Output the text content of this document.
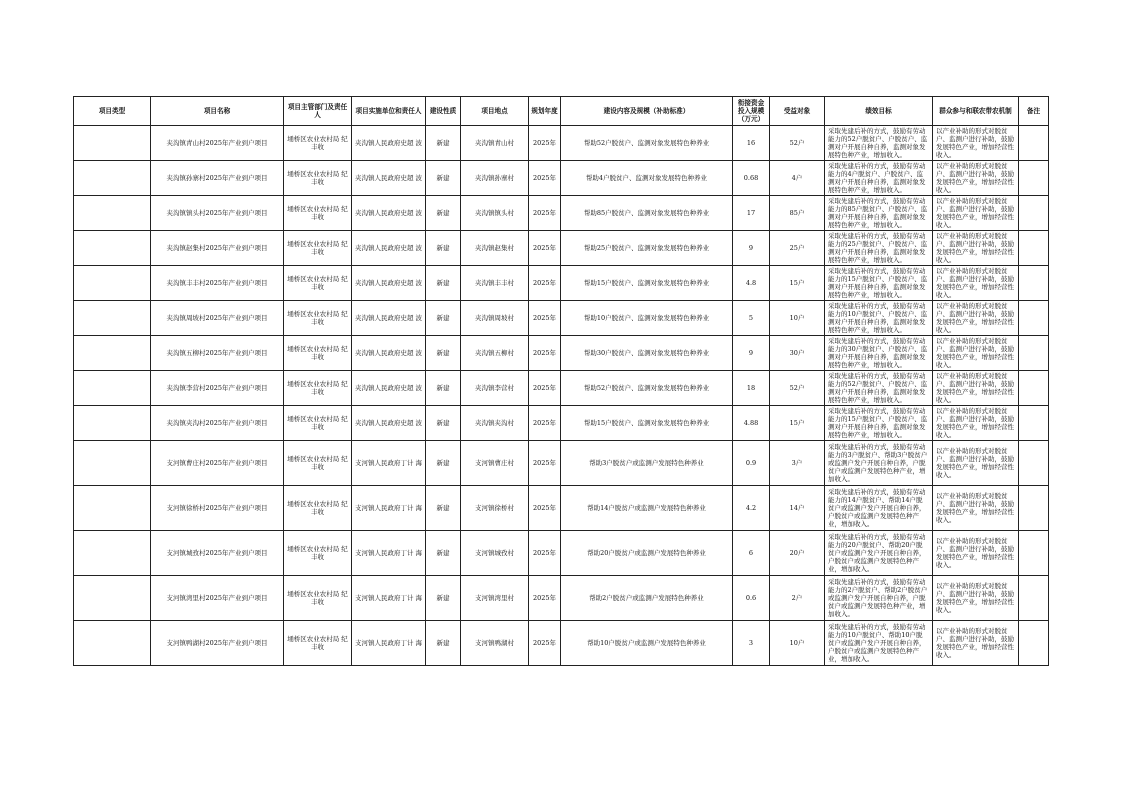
项目类型	项目名称	项目主管部门及责任人	项目实施单位和责任人	建设性质	项目地点	规划年度	建设内容及规模（补助标准）	衔接资金投入规模（万元）	受益对象	绩效目标	群众参与和联农带农机制	备注
	夹沟镇青山村2025年产业到户项目	埇桥区农业农村局 纪丰收	夹沟镇人民政府史超 波	新建	夹沟镇青山村	2025年	帮助52户脱贫户、监测对象发展特色种养业	16	52户	采取先建后补的方式，鼓励有劳动能力的52户脱贫户、户脱贫户、监测对户开展自种自养，监测对象发展特色种产业，增加收入。	以产业补助的形式对脱贫户、监测户进行补助，鼓励发展特色产业，增加经营性收入。	
	夹沟镇孙寨村2025年产业到户项目	埇桥区农业农村局 纪丰收	夹沟镇人民政府史超 波	新建	夹沟镇孙寨村	2025年	帮助4户脱贫户、监测对象发展特色种养业	0.68	4户	采取先建后补的方式，鼓励有劳动能力的4户脱贫户、户脱贫户、监测对户开展自种自养，监测对象发展特色种产业，增加收入。	以产业补助的形式对脱贫户、监测户进行补助，鼓励发展特色产业，增加经营性收入。	
	夹沟镇镇头村2025年产业到户项目	埇桥区农业农村局 纪丰收	夹沟镇人民政府史超 波	新建	夹沟镇镇头村	2025年	帮助85户脱贫户、监测对象发展特色种养业	17	85户	采取先建后补的方式，鼓励有劳动能力的85户脱贫户、户脱贫户、监测对户开展自种自养，监测对象发展特色种产业，增加收入。	以产业补助的形式对脱贫户、监测户进行补助，鼓励发展特色产业，增加经营性收入。	
	夹沟镇赵集村2025年产业到户项目	埇桥区农业农村局 纪丰收	夹沟镇人民政府史超 波	新建	夹沟镇赵集村	2025年	帮助25户脱贫户、监测对象发展特色种养业	9	25户	采取先建后补的方式，鼓励有劳动能力的25户脱贫户、户脱贫户、监测对户开展自种自养，监测对象发展特色种产业，增加收入。	以产业补助的形式对脱贫户、监测户进行补助，鼓励发展特色产业，增加经营性收入。	
	夹沟镇丰丰村2025年产业到户项目	埇桥区农业农村局 纪丰收	夹沟镇人民政府史超 波	新建	夹沟镇丰丰村	2025年	帮助15户脱贫户、监测对象发展特色种养业	4.8	15户	采取先建后补的方式，鼓励有劳动能力的15户脱贫户、户脱贫户、监测对户开展自种自养，监测对象发展特色种产业，增加收入。	以产业补助的形式对脱贫户、监测户进行补助，鼓励发展特色产业，增加经营性收入。	
	夹沟镇周坡村2025年产业到户项目	埇桥区农业农村局 纪丰收	夹沟镇人民政府史超 波	新建	夹沟镇周坡村	2025年	帮助10户脱贫户、监测对象发展特色种养业	5	10户	采取先建后补的方式，鼓励有劳动能力的10户脱贫户、户脱贫户、监测对户开展自种自养，监测对象发展特色种产业，增加收入。	以产业补助的形式对脱贫户、监测户进行补助，鼓励发展特色产业，增加经营性收入。	
	夹沟镇五柳村2025年产业到户项目	埇桥区农业农村局 纪丰收	夹沟镇人民政府史超 波	新建	夹沟镇五柳村	2025年	帮助30户脱贫户、监测对象发展特色种养业	9	30户	采取先建后补的方式，鼓励有劳动能力的30户脱贫户、户脱贫户、监测对户开展自种自养，监测对象发展特色种产业，增加收入。	以产业补助的形式对脱贫户、监测户进行补助，鼓励发展特色产业，增加经营性收入。	
	夹沟镇李营村2025年产业到户项目	埇桥区农业农村局 纪丰收	夹沟镇人民政府史超 波	新建	夹沟镇李营村	2025年	帮助52户脱贫户、监测对象发展特色种养业	18	52户	采取先建后补的方式，鼓励有劳动能力的52户脱贫户、户脱贫户、监测对户开展自种自养，监测对象发展特色种产业，增加收入。	以产业补助的形式对脱贫户、监测户进行补助，鼓励发展特色产业，增加经营性收入。	
	夹沟镇夹沟村2025年产业到户项目	埇桥区农业农村局 纪丰收	夹沟镇人民政府史超 波	新建	夹沟镇夹沟村	2025年	帮助15户脱贫户、监测对象发展特色种养业	4.88	15户	采取先建后补的方式，鼓励有劳动能力的15户脱贫户、户脱贫户、监测对户开展自种自养，监测对象发展特色种产业，增加收入。	以产业补助的形式对脱贫户、监测户进行补助，鼓励发展特色产业，增加经营性收入。	
	支河镇曹庄村2025年产业到户项目	埇桥区农业农村局 纪丰收	支河镇人民政府丁计 海	新建	支河镇曹庄村	2025年	帮助3户脱贫户或监测户发展特色种养业	0.9	3户	采取先建后补的方式，鼓励有劳动能力的3户脱贫户、帮助3户脱贫户或监测户发户开展自种自养，户脱贫户或监测户发展特色种产业，增加收入。	以产业补助的形式对脱贫户、监测户进行补助，鼓励发展特色产业，增加经营性收入。	
	支河镇徐桥村2025年产业到户项目	埇桥区农业农村局 纪丰收	支河镇人民政府丁计 海	新建	支河镇徐桥村	2025年	帮助14户脱贫户或监测户发展特色种养业	4.2	14户	采取先建后补的方式，鼓励有劳动能力的14户脱贫户、帮助14户脱贫户或监测户发户开展自种自养，户脱贫户或监测户发展特色种产业，增加收入。	以产业补助的形式对脱贫户、监测户进行补助，鼓励发展特色产业，增加经营性收入。	
	支河镇城孜村2025年产业到户项目	埇桥区农业农村局 纪丰收	支河镇人民政府丁计 海	新建	支河镇城孜村	2025年	帮助20户脱贫户或监测户发展特色种养业	6	20户	采取先建后补的方式，鼓励有劳动能力的20户脱贫户、帮助20户脱贫户或监测户发户开展自种自养，户脱贫户或监测户发展特色种产业，增加收入。	以产业补助的形式对脱贫户、监测户进行补助，鼓励发展特色产业，增加经营性收入。	
	支河镇湾里村2025年产业到户项目	埇桥区农业农村局 纪丰收	支河镇人民政府丁计 海	新建	支河镇湾里村	2025年	帮助2户脱贫户或监测户发展特色种养业	0.6	2户	采取先建后补的方式，鼓励有劳动能力的2户脱贫户、帮助2户脱贫户或监测户发户开展自种自养，户脱贫户或监测户发展特色种产业，增加收入。	以产业补助的形式对脱贫户、监测户进行补助，鼓励发展特色产业，增加经营性收入。	
	支河镇鸭湖村2025年产业到户项目	埇桥区农业农村局 纪丰收	支河镇人民政府丁计 海	新建	支河镇鸭湖村	2025年	帮助10户脱贫户或监测户发展特色种养业	3	10户	采取先建后补的方式，鼓励有劳动能力的10户脱贫户、帮助10户脱贫户或监测户发户开展自种自养，户脱贫户或监测户发展特色种产业，增加收入。	以产业补助的形式对脱贫户、监测户进行补助，鼓励发展特色产业，增加经营性收入。	
